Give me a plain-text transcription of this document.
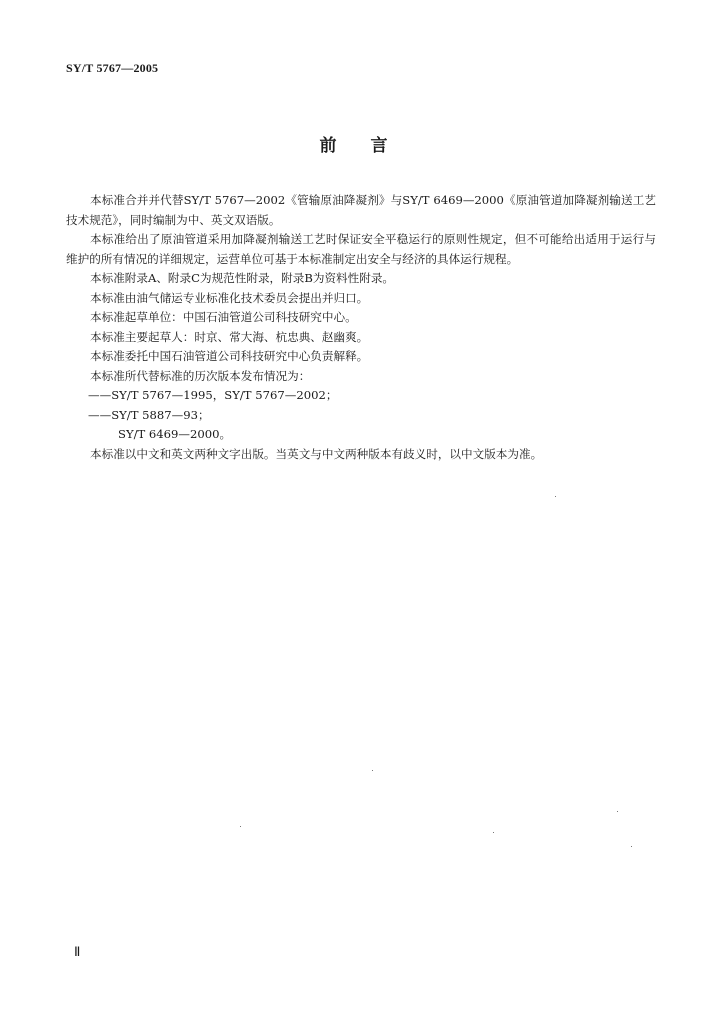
SY/T 5767—2005
前言

本标准合并并代替SY/T 5767—2002《管输原油降凝剂》与SY/T 6469—2000《原油管道加降凝剂输送工艺技术规范》，同时编制为中、英文双语版。

本标准给出了原油管道采用加降凝剂输送工艺时保证安全平稳运行的原则性规定，但不可能给出适用于运行与维护的所有情况的详细规定，运营单位可基于本标准制定出安全与经济的具体运行规程。

本标准附录A、附录C为规范性附录，附录B为资料性附录。

本标准由油气储运专业标准化技术委员会提出并归口。

本标准起草单位：中国石油管道公司科技研究中心。

本标准主要起草人：时京、常大海、杭忠典、赵幽爽。

本标准委托中国石油管道公司科技研究中心负责解释。

本标准所代替标准的历次版本发布情况为：

——SY/T 5767—1995，SY/T 5767—2002；

——SY/T 5887—93；

SY/T 6469—2000。

本标准以中文和英文两种文字出版。当英文与中文两种版本有歧义时，以中文版本为准。

Ⅱ
